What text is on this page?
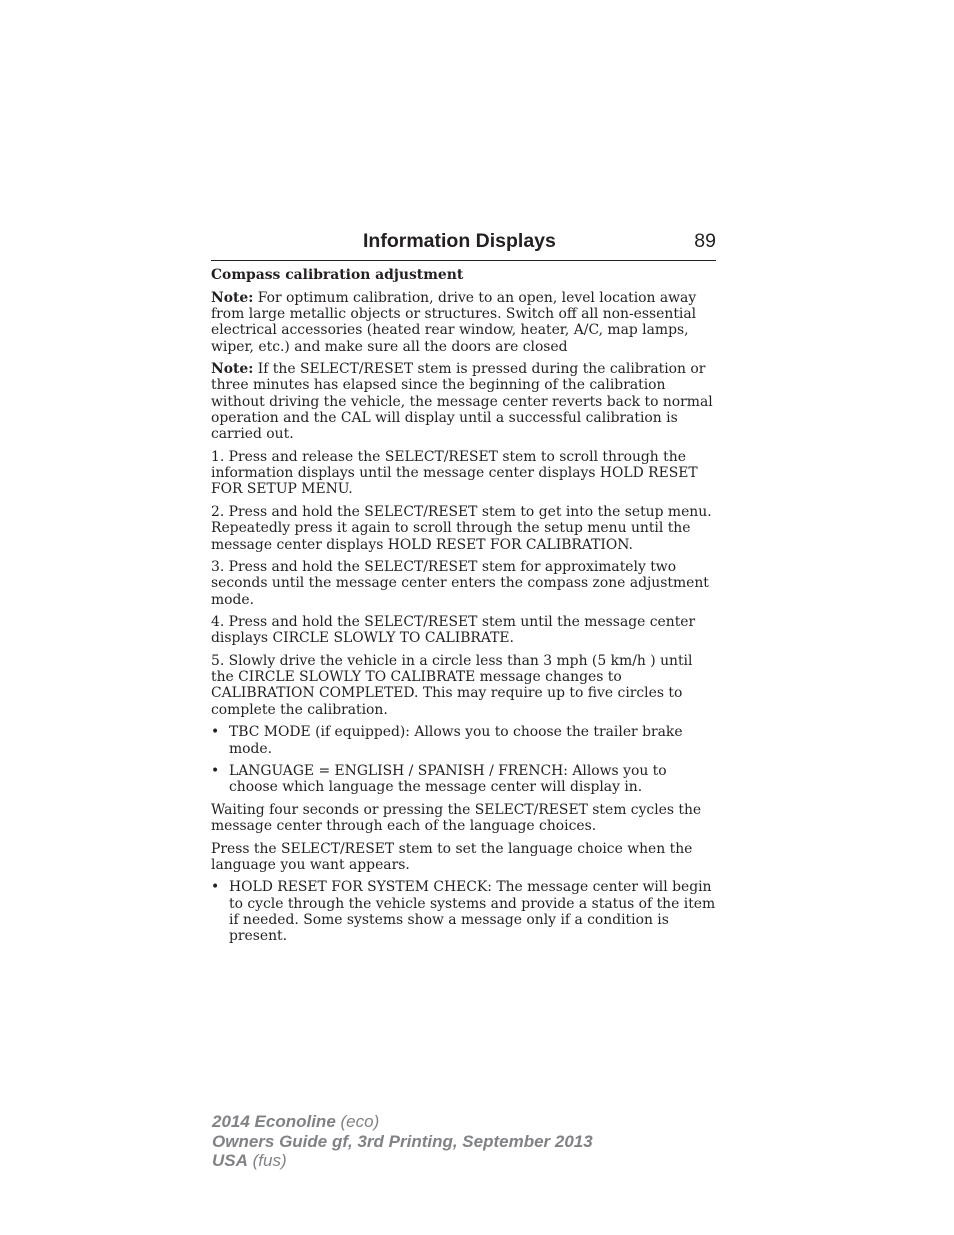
Information Displays	89

Compass calibration adjustment

Note: For optimum calibration, drive to an open, level location away from large metallic objects or structures. Switch off all non-essential electrical accessories (heated rear window, heater, A/C, map lamps, wiper, etc.) and make sure all the doors are closed

Note: If the SELECT/RESET stem is pressed during the calibration or three minutes has elapsed since the beginning of the calibration without driving the vehicle, the message center reverts back to normal operation and the CAL will display until a successful calibration is carried out.

1. Press and release the SELECT/RESET stem to scroll through the information displays until the message center displays HOLD RESET FOR SETUP MENU.

2. Press and hold the SELECT/RESET stem to get into the setup menu. Repeatedly press it again to scroll through the setup menu until the message center displays HOLD RESET FOR CALIBRATION.

3. Press and hold the SELECT/RESET stem for approximately two seconds until the message center enters the compass zone adjustment mode.

4. Press and hold the SELECT/RESET stem until the message center displays CIRCLE SLOWLY TO CALIBRATE.

5. Slowly drive the vehicle in a circle less than 3 mph (5 km/h ) until the CIRCLE SLOWLY TO CALIBRATE message changes to CALIBRATION COMPLETED. This may require up to five circles to complete the calibration.

• TBC MODE (if equipped): Allows you to choose the trailer brake mode.
• LANGUAGE = ENGLISH / SPANISH / FRENCH: Allows you to choose which language the message center will display in.

Waiting four seconds or pressing the SELECT/RESET stem cycles the message center through each of the language choices.

Press the SELECT/RESET stem to set the language choice when the language you want appears.

• HOLD RESET FOR SYSTEM CHECK: The message center will begin to cycle through the vehicle systems and provide a status of the item if needed. Some systems show a message only if a condition is present.
2014 Econoline (eco)
Owners Guide gf, 3rd Printing, September 2013
USA (fus)
